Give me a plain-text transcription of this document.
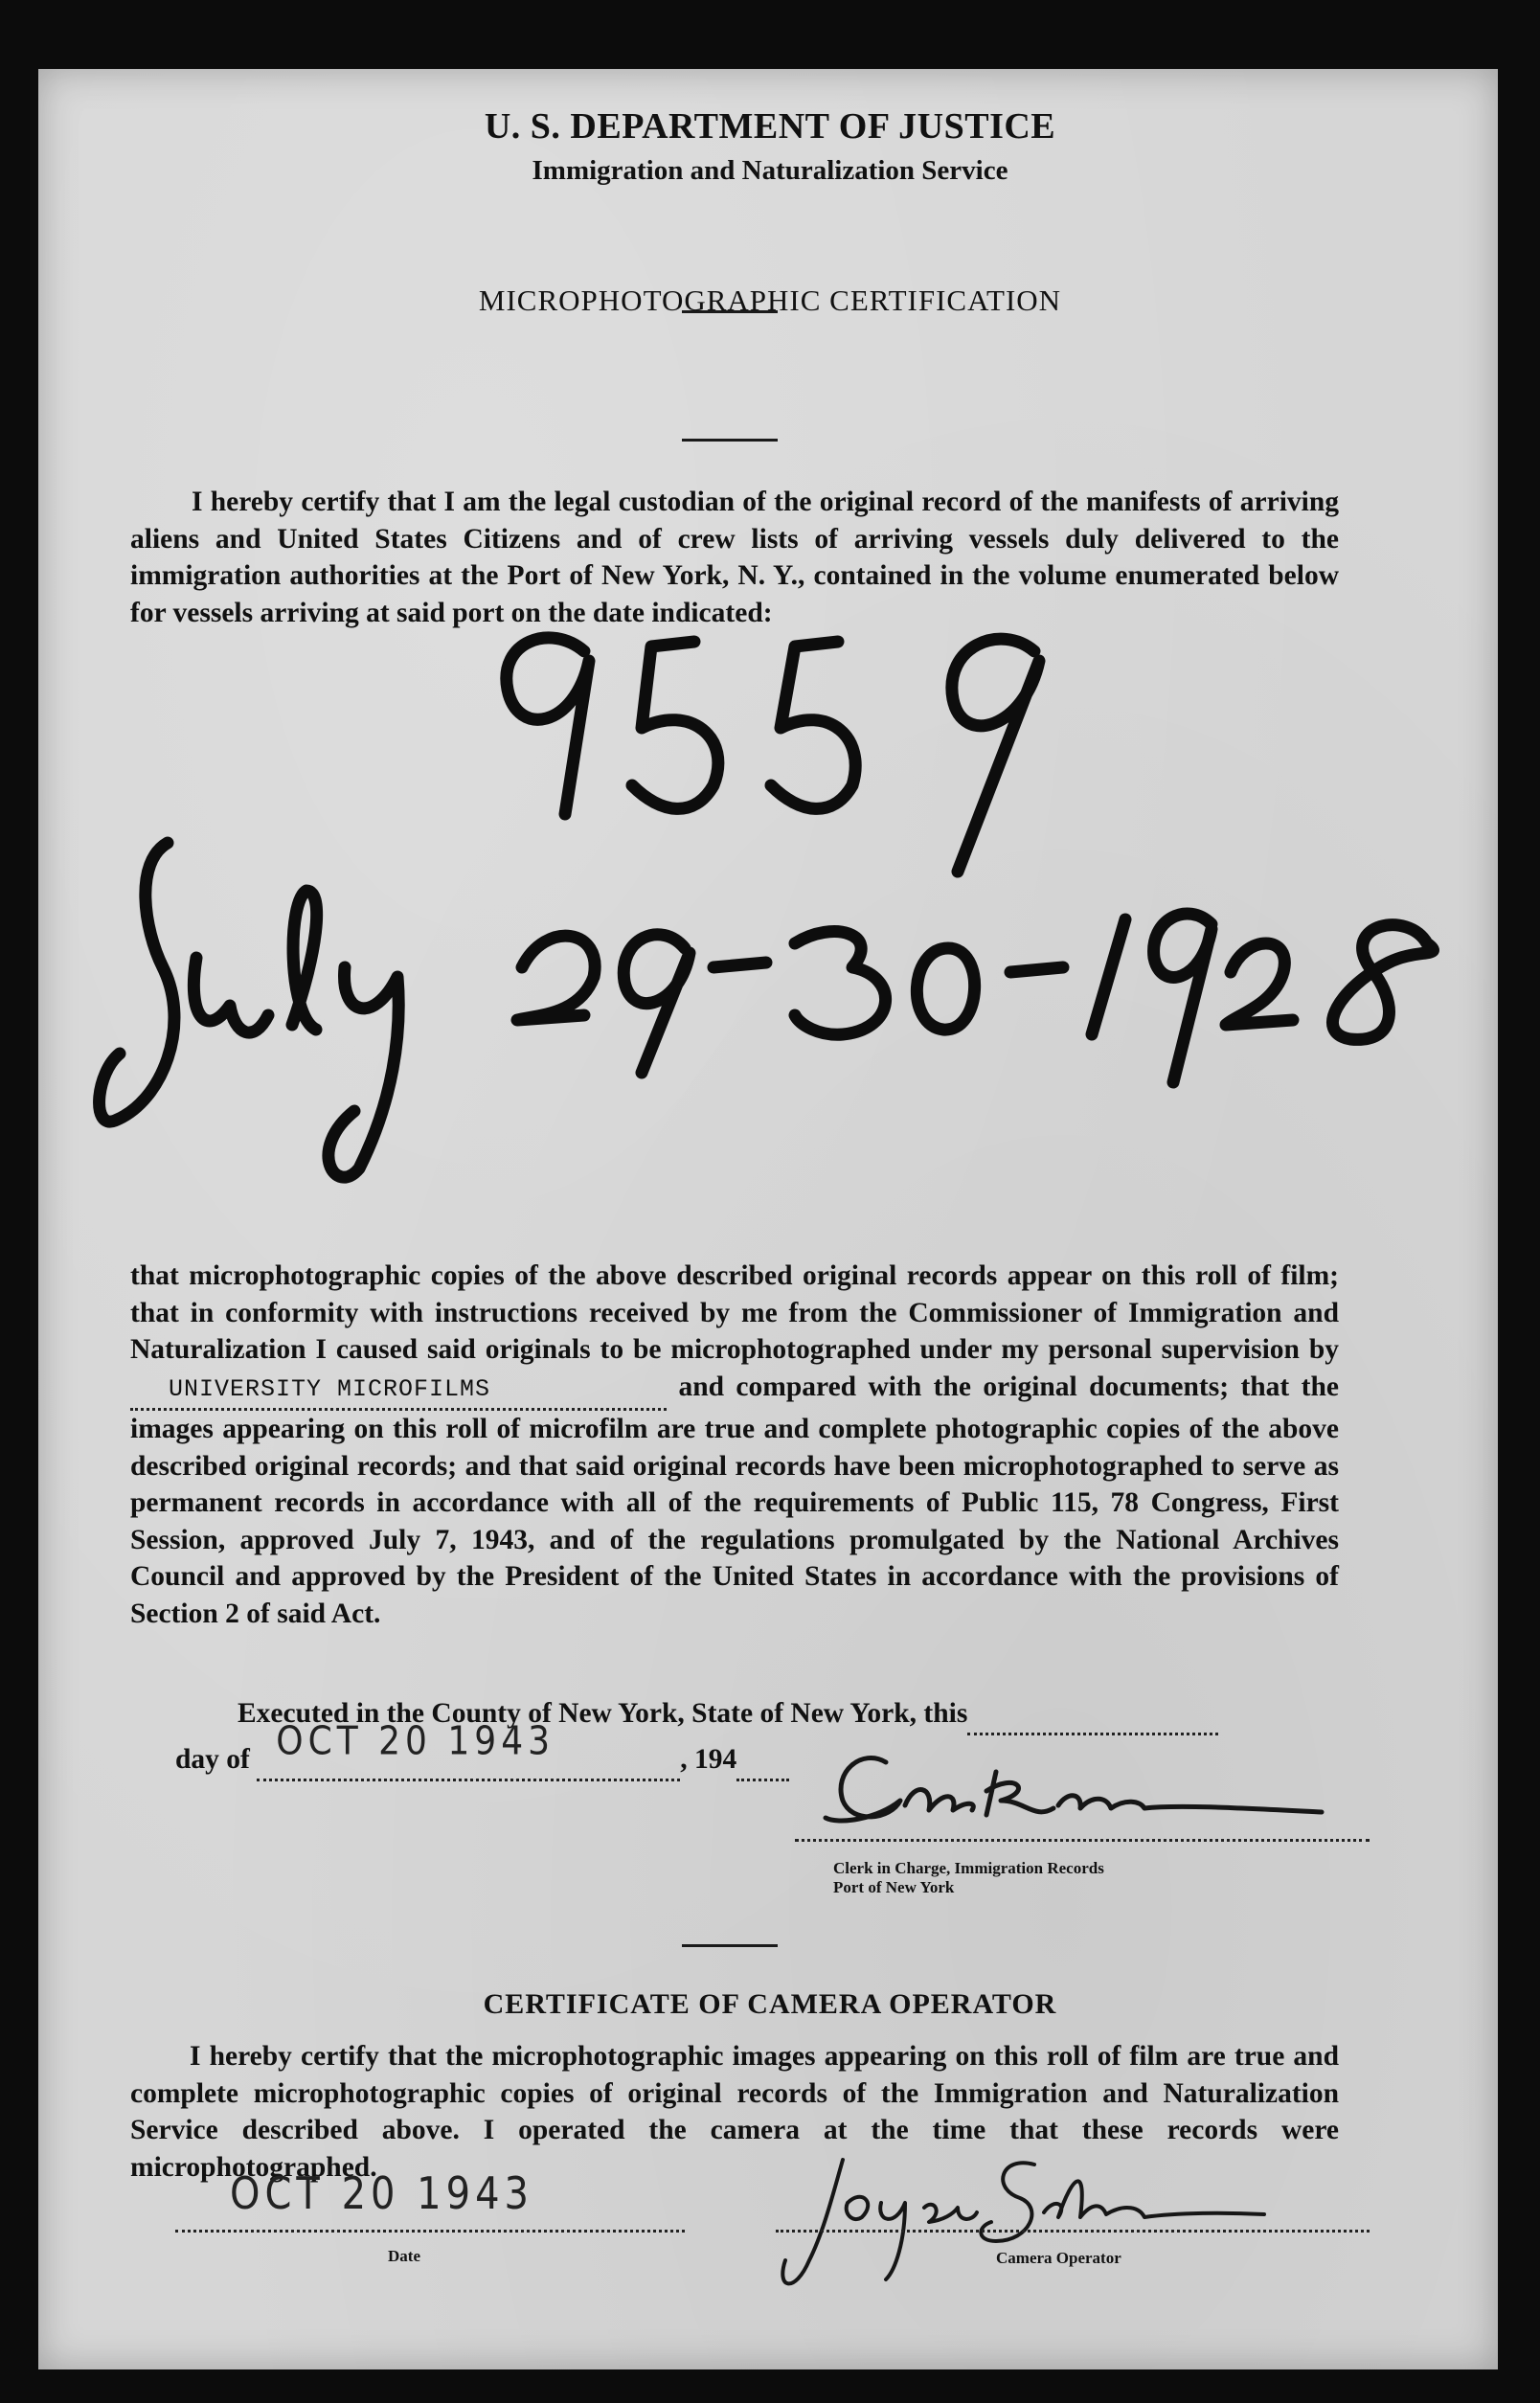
U. S. DEPARTMENT OF JUSTICE
Immigration and Naturalization Service
MICROPHOTOGRAPHIC CERTIFICATION
I hereby certify that I am the legal custodian of the original record of the manifests of arriving aliens and United States Citizens and of crew lists of arriving vessels duly delivered to the immigration authorities at the Port of New York, N. Y., contained in the volume enumerated below for vessels arriving at said port on the date indicated:
that microphotographic copies of the above described original records appear on this roll of film; that in conformity with instructions received by me from the Commissioner of Immigration and Naturalization I caused said originals to be microphotographed under my personal supervision by UNIVERSITY MICROFILMS	and compared with the original documents; that the images appearing on this roll of microfilm are true and complete photographic copies of the above described original records; and that said original records have been microphotographed to serve as permanent records in accordance with all of the requirements of Public 115, 78 Congress, First Session, approved July 7, 1943, and of the regulations promulgated by the National Archives Council and approved by the President of the United States in accordance with the provisions of Section 2 of said Act.
Executed in the County of New York, State of New York, this
day of OCT 20 1943	, 194
Clerk in Charge, Immigration Records
Port of New York
CERTIFICATE OF CAMERA OPERATOR
I hereby certify that the microphotographic images appearing on this roll of film are true and complete microphotographic copies of original records of the Immigration and Naturalization Service described above. I operated the camera at the time that these records were microphotographed.
OCT 20 1943
Date	Camera Operator
